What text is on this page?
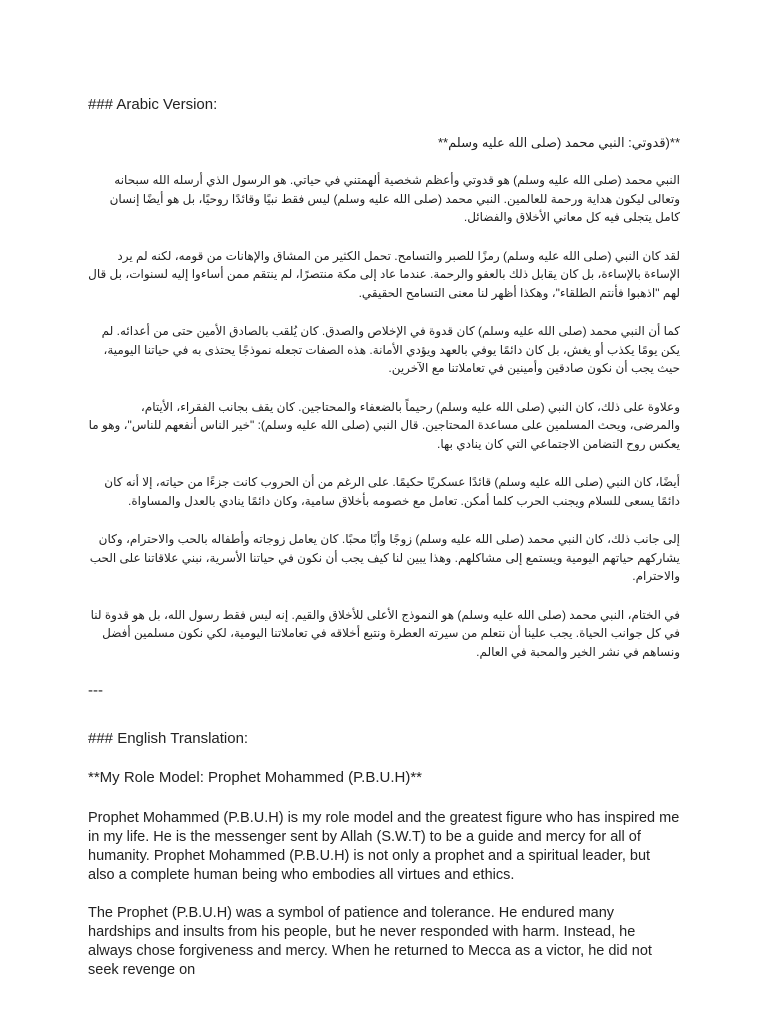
### Arabic Version:

**(قدوتي: النبي محمد (صلى الله عليه وسلم**

النبي محمد (صلى الله عليه وسلم) هو قدوتي وأعظم شخصية ألهمتني في حياتي. هو الرسول الذي أرسله الله سبحانه وتعالى ليكون هداية ورحمة للعالمين. النبي محمد (صلى الله عليه وسلم) ليس فقط نبيًا وقائدًا روحيًا، بل هو أيضًا إنسان كامل يتجلى فيه كل معاني الأخلاق والفضائل.

لقد كان النبي (صلى الله عليه وسلم) رمزًا للصبر والتسامح. تحمل الكثير من المشاق والإهانات من قومه، لكنه لم يرد الإساءة بالإساءة، بل كان يقابل ذلك بالعفو والرحمة. عندما عاد إلى مكة منتصرًا، لم ينتقم ممن أساءوا إليه لسنوات، بل قال لهم "اذهبوا فأنتم الطلقاء"، وهكذا أظهر لنا معنى التسامح الحقيقي.

كما أن النبي محمد (صلى الله عليه وسلم) كان قدوة في الإخلاص والصدق. كان يُلقب بالصادق الأمين حتى من أعدائه. لم يكن يومًا يكذب أو يغش، بل كان دائمًا يوفي بالعهد ويؤدي الأمانة. هذه الصفات تجعله نموذجًا يحتذى به في حياتنا اليومية، حيث يجب أن نكون صادقين وأمينين في تعاملاتنا مع الآخرين.

وعلاوة على ذلك، كان النبي (صلى الله عليه وسلم) رحيماً بالضعفاء والمحتاجين. كان يقف بجانب الفقراء، الأيتام، والمرضى، ويحث المسلمين على مساعدة المحتاجين. قال النبي (صلى الله عليه وسلم): "خير الناس أنفعهم للناس"، وهو ما يعكس روح التضامن الاجتماعي التي كان ينادي بها.

أيضًا، كان النبي (صلى الله عليه وسلم) قائدًا عسكريًا حكيمًا. على الرغم من أن الحروب كانت جزءًا من حياته، إلا أنه كان دائمًا يسعى للسلام ويجنب الحرب كلما أمكن. تعامل مع خصومه بأخلاق سامية، وكان دائمًا ينادي بالعدل والمساواة.

إلى جانب ذلك، كان النبي محمد (صلى الله عليه وسلم) زوجًا وأبًا محبًا. كان يعامل زوجاته وأطفاله بالحب والاحترام، وكان يشاركهم حياتهم اليومية ويستمع إلى مشاكلهم. وهذا يبين لنا كيف يجب أن نكون في حياتنا الأسرية، نبني علاقاتنا على الحب والاحترام.

في الختام، النبي محمد (صلى الله عليه وسلم) هو النموذج الأعلى للأخلاق والقيم. إنه ليس فقط رسول الله، بل هو قدوة لنا في كل جوانب الحياة. يجب علينا أن نتعلم من سيرته العطرة ونتبع أخلاقه في تعاملاتنا اليومية، لكي نكون مسلمين أفضل ونساهم في نشر الخير والمحبة في العالم.

---

### English Translation:

**My Role Model: Prophet Mohammed (P.B.U.H)**

Prophet Mohammed (P.B.U.H) is my role model and the greatest figure who has inspired me in my life. He is the messenger sent by Allah (S.W.T) to be a guide and mercy for all of humanity. Prophet Mohammed (P.B.U.H) is not only a prophet and a spiritual leader, but also a complete human being who embodies all virtues and ethics.

The Prophet (P.B.U.H) was a symbol of patience and tolerance. He endured many hardships and insults from his people, but he never responded with harm. Instead, he always chose forgiveness and mercy. When he returned to Mecca as a victor, he did not seek revenge on
